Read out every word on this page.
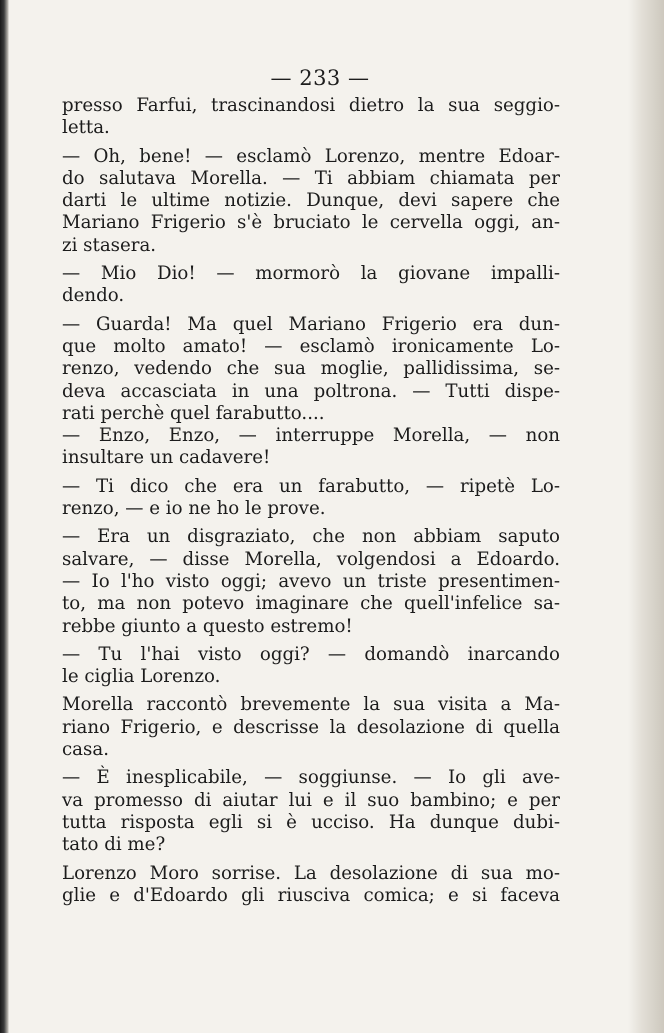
— 233 —
presso Farfui, trascinandosi dietro la sua seggio-
letta.
— Oh, bene! — esclamò Lorenzo, mentre Edoar-
do salutava Morella. — Ti abbiam chiamata per
darti le ultime notizie. Dunque, devi sapere che
Mariano Frigerio s'è bruciato le cervella oggi, an-
zi stasera.
— Mio Dio! — mormorò la giovane impalli-
dendo.
— Guarda! Ma quel Mariano Frigerio era dun-
que molto amato! — esclamò ironicamente Lo-
renzo, vedendo che sua moglie, pallidissima, se-
deva accasciata in una poltrona. — Tutti dispe-
rati perchè quel farabutto....
— Enzo, Enzo, — interruppe Morella, — non
insultare un cadavere!
— Ti dico che era un farabutto, — ripetè Lo-
renzo, — e io ne ho le prove.
— Era un disgraziato, che non abbiam saputo
salvare, — disse Morella, volgendosi a Edoardo.
— Io l'ho visto oggi; avevo un triste presentimen-
to, ma non potevo imaginare che quell'infelice sa-
rebbe giunto a questo estremo!
— Tu l'hai visto oggi? — domandò inarcando
le ciglia Lorenzo.
Morella raccontò brevemente la sua visita a Ma-
riano Frigerio, e descrisse la desolazione di quella
casa.
— È inesplicabile, — soggiunse. — Io gli ave-
va promesso di aiutar lui e il suo bambino; e per
tutta risposta egli si è ucciso. Ha dunque dubi-
tato di me?
Lorenzo Moro sorrise. La desolazione di sua mo-
glie e d'Edoardo gli riusciva comica; e si faceva
